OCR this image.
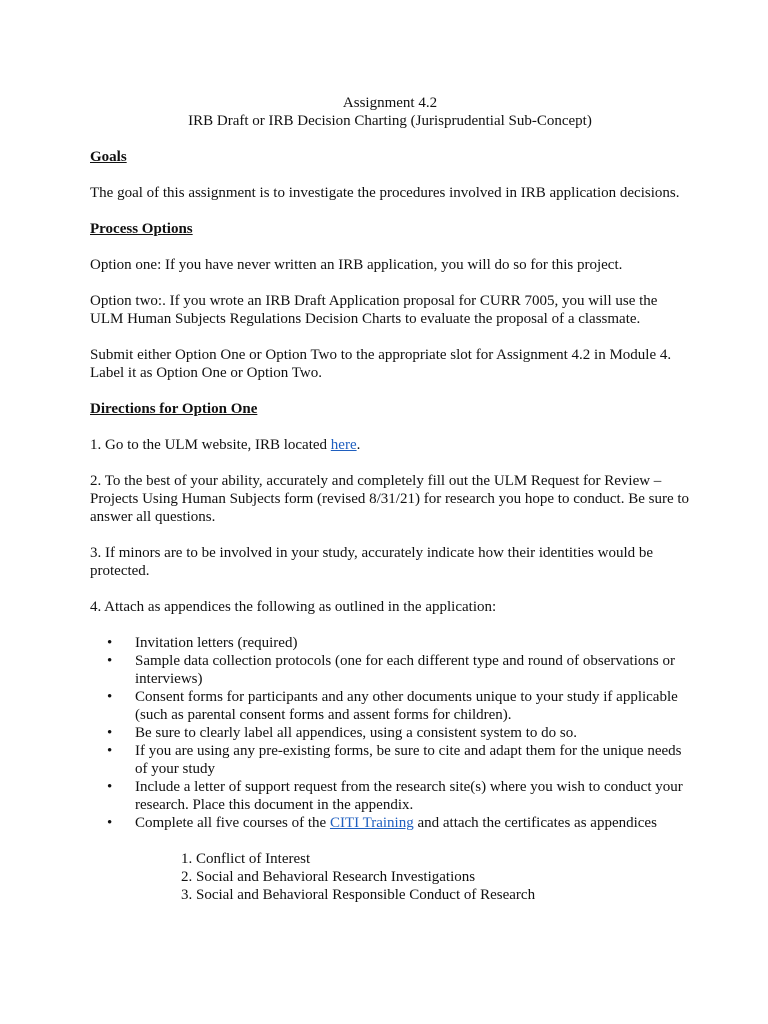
Assignment 4.2

IRB Draft or IRB Decision Charting (Jurisprudential Sub-Concept)

Goals

The goal of this assignment is to investigate the procedures involved in IRB application decisions.

Process Options

Option one: If you have never written an IRB application, you will do so for this project.

Option two:. If you wrote an IRB Draft Application proposal for CURR 7005, you will use the ULM Human Subjects Regulations Decision Charts to evaluate the proposal of a classmate.

Submit either Option One or Option Two to the appropriate slot for Assignment 4.2 in Module 4. Label it as Option One or Option Two.

Directions for Option One

1. Go to the ULM website, IRB located here.

2. To the best of your ability, accurately and completely fill out the ULM Request for Review – Projects Using Human Subjects form (revised 8/31/21) for research you hope to conduct. Be sure to answer all questions.

3. If minors are to be involved in your study, accurately indicate how their identities would be protected.

4. Attach as appendices the following as outlined in the application:

• Invitation letters (required)
• Sample data collection protocols (one for each different type and round of observations or interviews)
• Consent forms for participants and any other documents unique to your study if applicable (such as parental consent forms and assent forms for children).
• Be sure to clearly label all appendices, using a consistent system to do so.
• If you are using any pre-existing forms, be sure to cite and adapt them for the unique needs of your study
• Include a letter of support request from the research site(s) where you wish to conduct your research. Place this document in the appendix.
• Complete all five courses of the CITI Training and attach the certificates as appendices
1. Conflict of Interest
2. Social and Behavioral Research Investigations
3. Social and Behavioral Responsible Conduct of Research
